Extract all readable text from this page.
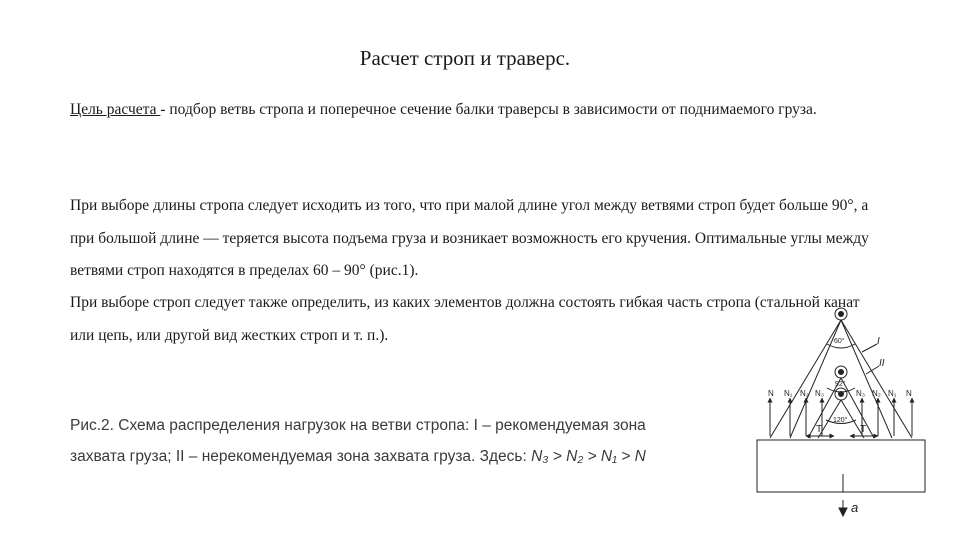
Расчет строп и траверс.
Цель расчета - подбор ветвь стропа и поперечное сечение балки траверсы в зависимости от поднимаемого груза.
При выборе длины стропа следует исходить из того, что при малой длине угол между ветвями строп будет больше 90°, а при большой длине — теряется высота подъема груза и возникает возможность его кручения. Оптимальные углы между ветвями строп находятся в пределах 60 – 90° (рис.1).
При выборе строп следует также определить, из каких элементов должна состоять гибкая часть стропа (стальной канат или цепь, или другой вид жестких строп и т. п.).
Рис.2. Схема распределения нагрузок на ветви стропа: I – рекомендуемая зона
захвата груза; II – нерекомендуемая зона захвата груза. Здесь: N₃ > N₂ > N₁ > N
60°
92°
120°
I
II
N N₁ N₂ N₃	N₃ N₂ N₁ N
T	T
a
